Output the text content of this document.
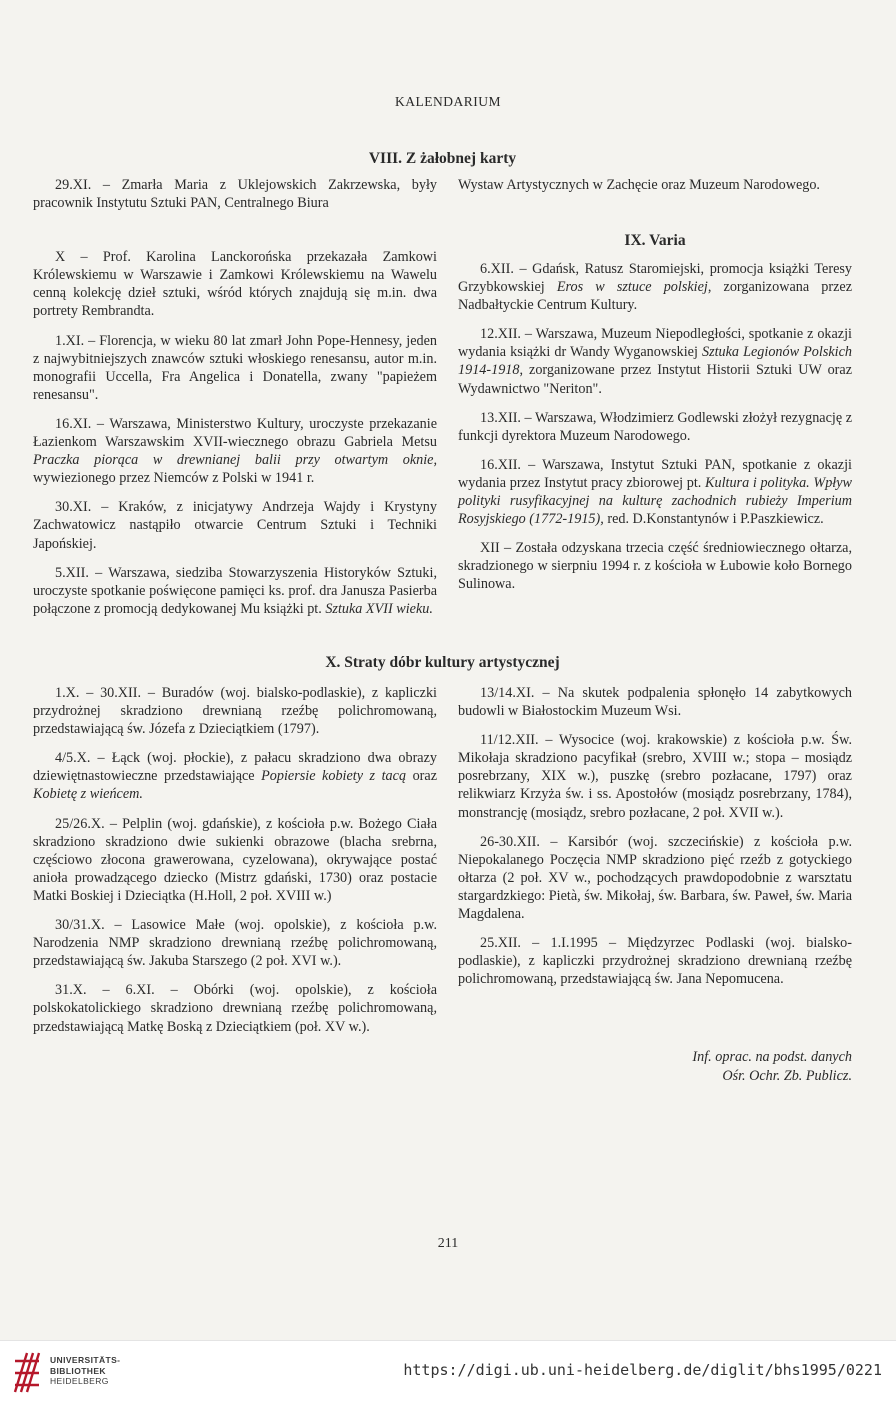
KALENDARIUM
VIII. Z żałobnej karty

29.XI. – Zmarła Maria z Uklejowskich Zakrzewska, były pracownik Instytutu Sztuki PAN, Centralnego Biura

X – Prof. Karolina Lanckorońska przekazała Zamkowi Królewskiemu w Warszawie i Zamkowi Królewskiemu na Wawelu cenną kolekcję dzieł sztuki, wśród których znajdują się m.in. dwa portrety Rembrandta.

1.XI. – Florencja, w wieku 80 lat zmarł John Pope-Hennesy, jeden z najwybitniejszych znawców sztuki włoskiego renesansu, autor m.in. monografii Uccella, Fra Angelica i Donatella, zwany "papieżem renesansu".

16.XI. – Warszawa, Ministerstwo Kultury, uroczyste przekazanie Łazienkom Warszawskim XVII-wiecznego obrazu Gabriela Metsu Praczka piorąca w drewnianej balii przy otwartym oknie, wywiezionego przez Niemców z Polski w 1941 r.

30.XI. – Kraków, z inicjatywy Andrzeja Wajdy i Krystyny Zachwatowicz nastąpiło otwarcie Centrum Sztuki i Techniki Japońskiej.

5.XII. – Warszawa, siedziba Stowarzyszenia Historyków Sztuki, uroczyste spotkanie poświęcone pamięci ks. prof. dra Janusza Pasierba połączone z promocją dedykowanej Mu książki pt. Sztuka XVII wieku.

Wystaw Artystycznych w Zachęcie oraz Muzeum Narodowego.

IX. Varia

6.XII. – Gdańsk, Ratusz Staromiejski, promocja książki Teresy Grzybkowskiej Eros w sztuce polskiej, zorganizowana przez Nadbałtyckie Centrum Kultury.

12.XII. – Warszawa, Muzeum Niepodległości, spotkanie z okazji wydania książki dr Wandy Wyganowskiej Sztuka Legionów Polskich 1914-1918, zorganizowane przez Instytut Historii Sztuki UW oraz Wydawnictwo "Neriton".

13.XII. – Warszawa, Włodzimierz Godlewski złożył rezygnację z funkcji dyrektora Muzeum Narodowego.

16.XII. – Warszawa, Instytut Sztuki PAN, spotkanie z okazji wydania przez Instytut pracy zbiorowej pt. Kultura i polityka. Wpływ polityki rusyfikacyjnej na kulturę zachodnich rubieży Imperium Rosyjskiego (1772-1915), red. D.Konstantynów i P.Paszkiewicz.

XII – Została odzyskana trzecia część średniowiecznego ołtarza, skradzionego w sierpniu 1994 r. z kościoła w Łubowie koło Bornego Sulinowa.

X. Straty dóbr kultury artystycznej

1.X. – 30.XII. – Buradów (woj. bialsko-podlaskie), z kapliczki przydrożnej skradziono drewnianą rzeźbę polichromowaną, przedstawiającą św. Józefa z Dzieciątkiem (1797).

4/5.X. – Łąck (woj. płockie), z pałacu skradziono dwa obrazy dziewiętnastowieczne przedstawiające Popiersie kobiety z tacą oraz Kobietę z wieńcem.

25/26.X. – Pelplin (woj. gdańskie), z kościoła p.w. Bożego Ciała skradziono skradziono dwie sukienki obrazowe (blacha srebrna, częściowo złocona grawerowana, cyzelowana), okrywające postać anioła prowadzącego dziecko (Mistrz gdański, 1730) oraz postacie Matki Boskiej i Dzieciątka (H.Holl, 2 poł. XVIII w.)

30/31.X. – Lasowice Małe (woj. opolskie), z kościoła p.w. Narodzenia NMP skradziono drewnianą rzeźbę polichromowaną, przedstawiającą św. Jakuba Starszego (2 poł. XVI w.).

31.X. – 6.XI. – Obórki (woj. opolskie), z kościoła polskokatolickiego skradziono drewnianą rzeźbę polichromowaną, przedstawiającą Matkę Boską z Dzieciątkiem (poł. XV w.).

13/14.XI. – Na skutek podpalenia spłonęło 14 zabytkowych budowli w Białostockim Muzeum Wsi.

11/12.XII. – Wysocice (woj. krakowskie) z kościoła p.w. Św. Mikołaja skradziono pacyfikał (srebro, XVIII w.; stopa – mosiądz posrebrzany, XIX w.), puszkę (srebro pozłacane, 1797) oraz relikwiarz Krzyża św. i ss. Apostołów (mosiądz posrebrzany, 1784), monstrancję (mosiądz, srebro pozłacane, 2 poł. XVII w.).

26-30.XII. – Karsibór (woj. szczecińskie) z kościoła p.w. Niepokalanego Poczęcia NMP skradziono pięć rzeźb z gotyckiego ołtarza (2 poł. XV w., pochodzących prawdopodobnie z warsztatu stargardzkiego: Pietà, św. Mikołaj, św. Barbara, św. Paweł, św. Maria Magdalena.

25.XII. – 1.I.1995 – Międzyrzec Podlaski (woj. bialsko-podlaskie), z kapliczki przydrożnej skradziono drewnianą rzeźbę polichromowaną, przedstawiającą św. Jana Nepomucena.

Inf. oprac. na podst. danych
Ośr. Ochr. Zb. Publicz.
211
UNIVERSITÄTS-
BIBLIOTHEK
HEIDELBERG
https://digi.ub.uni-heidelberg.de/diglit/bhs1995/0221
